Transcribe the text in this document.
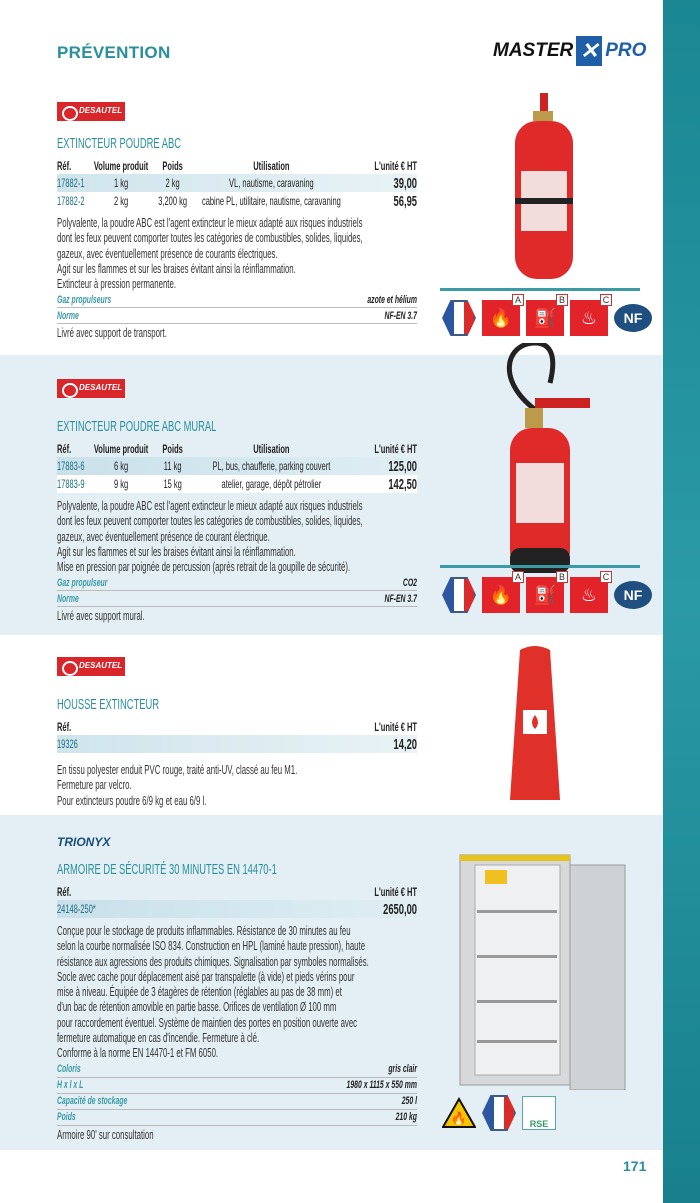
PRÉVENTION	MASTER ✕ PRO
DESAUTEL
EXTINCTEUR POUDRE ABC
Réf.	Volume produit	Poids	Utilisation	L'unité € HT
17882-1	1 kg	2 kg	VL, nautisme, caravaning	39,00
17882-2	2 kg	3,200 kg	cabine PL, utilitaire, nautisme, caravaning	56,95
Polyvalente, la poudre ABC est l'agent extincteur le mieux adapté aux risques industriels
dont les feux peuvent comporter toutes les catégories de combustibles, solides, liquides,
gazeux, avec éventuellement présence de courants électriques.
Agit sur les flammes et sur les braises évitant ainsi la réinflammation.
Extincteur à pression permanente.
Gaz propulseurs	azote et hélium
Norme	NF-EN 3.7
Livré avec support de transport.
🔥
A
⛽
B
♨
C
NF
DESAUTEL
EXTINCTEUR POUDRE ABC MURAL
Réf.	Volume produit	Poids	Utilisation	L'unité € HT
17883-6	6 kg	11 kg	PL, bus, chaufferie, parking couvert	125,00
17883-9	9 kg	15 kg	atelier, garage, dépôt pétrolier	142,50
Polyvalente, la poudre ABC est l'agent extincteur le mieux adapté aux risques industriels
dont les feux peuvent comporter toutes les catégories de combustibles, solides, liquides,
gazeux, avec éventuellement présence de courant électrique.
Agit sur les flammes et sur les braises évitant ainsi la réinflammation.
Mise en pression par poignée de percussion (après retrait de la goupille de sécurité).
Gaz propulseur	CO2
Norme	NF-EN 3.7
Livré avec support mural.
🔥
A
⛽
B
♨
C
NF
DESAUTEL
HOUSSE EXTINCTEUR
Réf.	L'unité € HT
19326	14,20
En tissu polyester enduit PVC rouge, traité anti-UV, classé au feu M1.
Fermeture par velcro.
Pour extincteurs poudre 6/9 kg et eau 6/9 l.
TRIONYX
ARMOIRE DE SÉCURITÉ 30 MINUTES EN 14470-1
Réf.	L'unité € HT
24148-250*	2650,00
Conçue pour le stockage de produits inflammables. Résistance de 30 minutes au feu
selon la courbe normalisée ISO 834. Construction en HPL (laminé haute pression), haute
résistance aux agressions des produits chimiques. Signalisation par symboles normalisés.
Socle avec cache pour déplacement aisé par transpalette (à vide) et pieds vérins pour
mise à niveau. Équipée de 3 étagères de rétention (réglables au pas de 38 mm) et
d'un bac de rétention amovible en partie basse. Orifices de ventilation Ø 100 mm
pour raccordement éventuel. Système de maintien des portes en position ouverte avec
fermeture automatique en cas d'incendie. Fermeture à clé.
Conforme à la norme EN 14470-1 et FM 6050.
Coloris	gris clair
H x l x L	1980 x 1115 x 550 mm
Capacité de stockage	250 l
Poids	210 kg
Armoire 90' sur consultation
🔥	RSE
171
